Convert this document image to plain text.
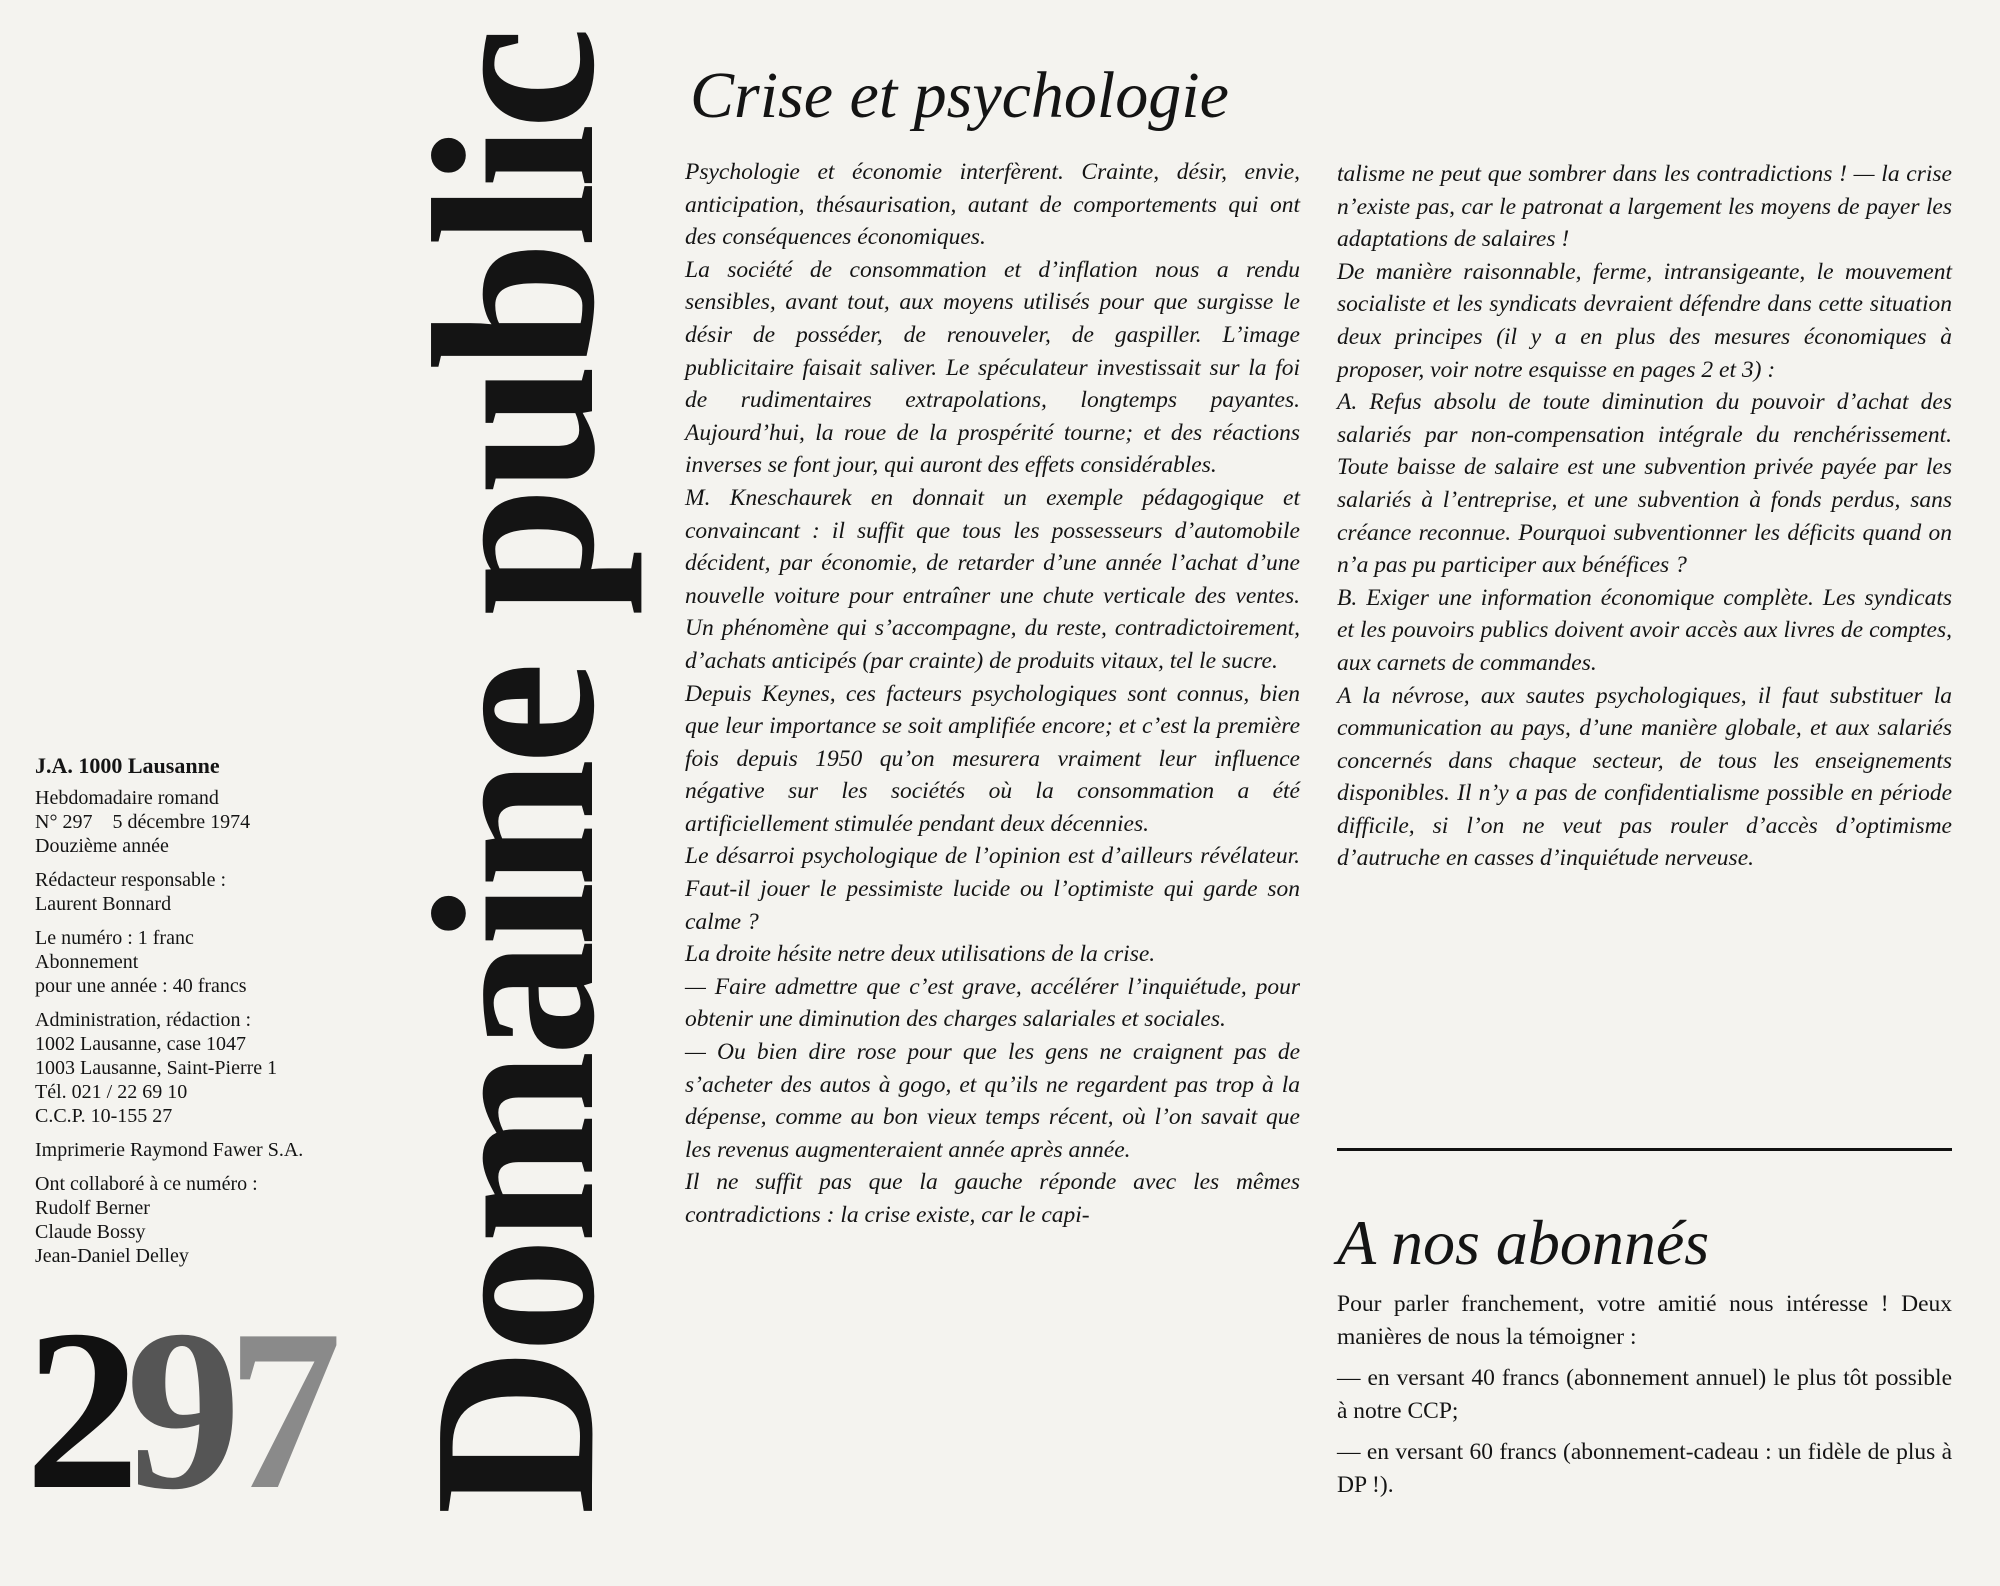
J.A. 1000 Lausanne
Hebdomadaire romand
N° 297    5 décembre 1974
Douzième année
Rédacteur responsable :
Laurent Bonnard
Le numéro : 1 franc
Abonnement
pour une année : 40 francs
Administration, rédaction :
1002 Lausanne, case 1047
1003 Lausanne, Saint-Pierre 1
Tél. 021 / 22 69 10
C.C.P. 10-155 27
Imprimerie Raymond Fawer S.A.
Ont collaboré à ce numéro :
Rudolf Berner
Claude Bossy
Jean-Daniel Delley
297 Domaine public Crise et psychologie

Psychologie et économie interfèrent. Crainte, désir, envie, anticipation, thésaurisation, autant de comportements qui ont des conséquences économiques.

La société de consommation et d’inflation nous a rendu sensibles, avant tout, aux moyens utilisés pour que surgisse le désir de posséder, de renouveler, de gaspiller. L’image publicitaire faisait saliver. Le spéculateur investissait sur la foi de rudimentaires extrapolations, longtemps payantes. Aujourd’hui, la roue de la prospérité tourne; et des réactions inverses se font jour, qui auront des effets considérables.

M. Kneschaurek en donnait un exemple pédagogique et convaincant : il suffit que tous les possesseurs d’automobile décident, par économie, de retarder d’une année l’achat d’une nouvelle voiture pour entraîner une chute verticale des ventes. Un phénomène qui s’accompagne, du reste, contradictoirement, d’achats anticipés (par crainte) de produits vitaux, tel le sucre.

Depuis Keynes, ces facteurs psychologiques sont connus, bien que leur importance se soit amplifiée encore; et c’est la première fois depuis 1950 qu’on mesurera vraiment leur influence négative sur les sociétés où la consommation a été artificiellement stimulée pendant deux décennies.

Le désarroi psychologique de l’opinion est d’ailleurs révélateur. Faut-il jouer le pessimiste lucide ou l’optimiste qui garde son calme ?

La droite hésite netre deux utilisations de la crise.

— Faire admettre que c’est grave, accélérer l’inquiétude, pour obtenir une diminution des charges salariales et sociales.

— Ou bien dire rose pour que les gens ne craignent pas de s’acheter des autos à gogo, et qu’ils ne regardent pas trop à la dépense, comme au bon vieux temps récent, où l’on savait que les revenus augmenteraient année après année.

Il ne suffit pas que la gauche réponde avec les mêmes contradictions : la crise existe, car le capi-

talisme ne peut que sombrer dans les contradictions ! — la crise n’existe pas, car le patronat a largement les moyens de payer les adaptations de salaires !

De manière raisonnable, ferme, intransigeante, le mouvement socialiste et les syndicats devraient défendre dans cette situation deux principes (il y a en plus des mesures économiques à proposer, voir notre esquisse en pages 2 et 3) :

A. Refus absolu de toute diminution du pouvoir d’achat des salariés par non-compensation intégrale du renchérissement. Toute baisse de salaire est une subvention privée payée par les salariés à l’entreprise, et une subvention à fonds perdus, sans créance reconnue. Pourquoi subventionner les déficits quand on n’a pas pu participer aux bénéfices ?

B. Exiger une information économique complète. Les syndicats et les pouvoirs publics doivent avoir accès aux livres de comptes, aux carnets de commandes.

A la névrose, aux sautes psychologiques, il faut substituer la communication au pays, d’une manière globale, et aux salariés concernés dans chaque secteur, de tous les enseignements disponibles. Il n’y a pas de confidentialisme possible en période difficile, si l’on ne veut pas rouler d’accès d’optimisme d’autruche en casses d’inquiétude nerveuse.

A nos abonnés

Pour parler franchement, votre amitié nous intéresse ! Deux manières de nous la témoigner :

— en versant 40 francs (abonnement annuel) le plus tôt possible à notre CCP;

— en versant 60 francs (abonnement-cadeau : un fidèle de plus à DP !).
